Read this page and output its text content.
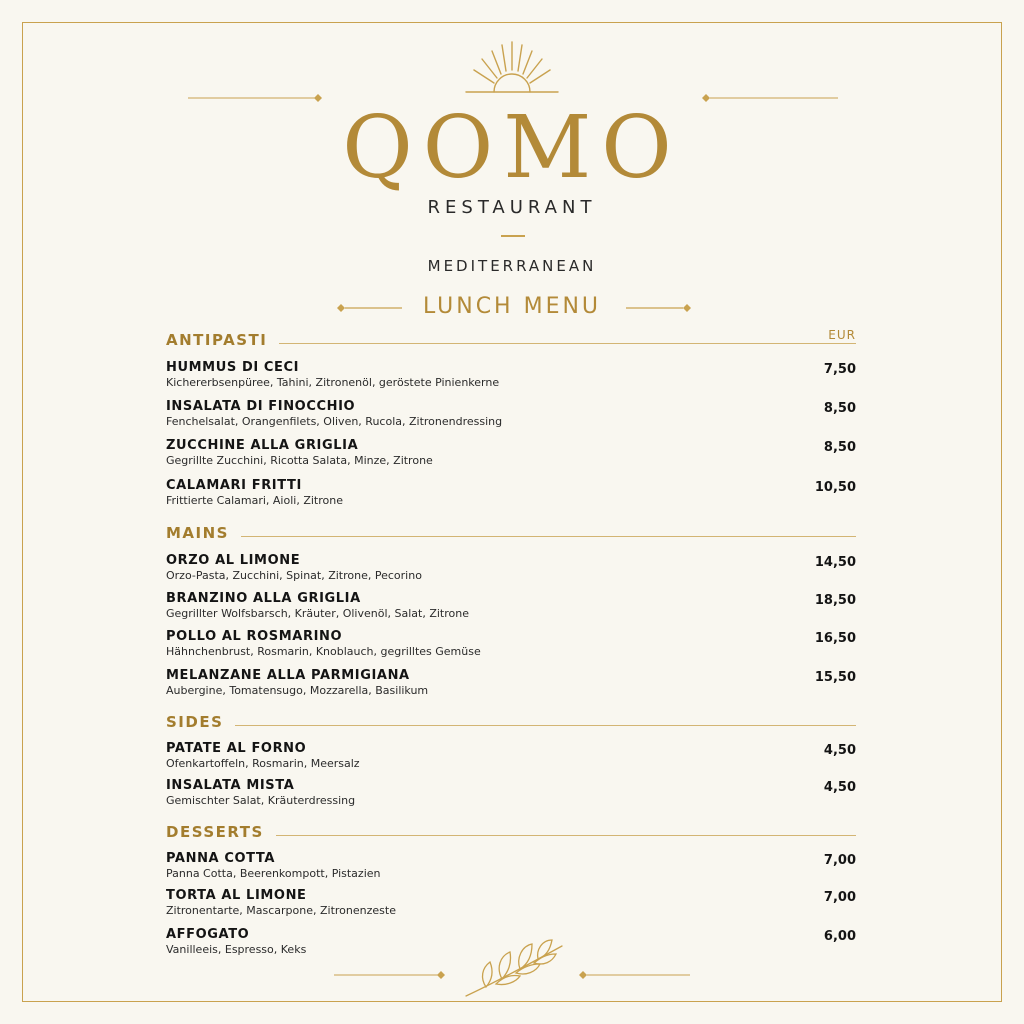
QOMO
RESTAURANT
MEDITERRANEAN
LUNCH MENU
EUR
ANTIPASTI
HUMMUS DI CECI
Kichererbsenpüree, Tahini, Zitronenöl, geröstete Pinienkerne
7,50
INSALATA DI FINOCCHIO
Fenchelsalat, Orangenfilets, Oliven, Rucola, Zitronendressing
8,50
ZUCCHINE ALLA GRIGLIA
Gegrillte Zucchini, Ricotta Salata, Minze, Zitrone
8,50
CALAMARI FRITTI
Frittierte Calamari, Aioli, Zitrone
10,50
MAINS
ORZO AL LIMONE
Orzo-Pasta, Zucchini, Spinat, Zitrone, Pecorino
14,50
BRANZINO ALLA GRIGLIA
Gegrillter Wolfsbarsch, Kräuter, Olivenöl, Salat, Zitrone
18,50
POLLO AL ROSMARINO
Hähnchenbrust, Rosmarin, Knoblauch, gegrilltes Gemüse
16,50
MELANZANE ALLA PARMIGIANA
Aubergine, Tomatensugo, Mozzarella, Basilikum
15,50
SIDES
PATATE AL FORNO
Ofenkartoffeln, Rosmarin, Meersalz
4,50
INSALATA MISTA
Gemischter Salat, Kräuterdressing
4,50
DESSERTS
PANNA COTTA
Panna Cotta, Beerenkompott, Pistazien
7,00
TORTA AL LIMONE
Zitronentarte, Mascarpone, Zitronenzeste
7,00
AFFOGATO
Vanilleeis, Espresso, Keks
6,00
